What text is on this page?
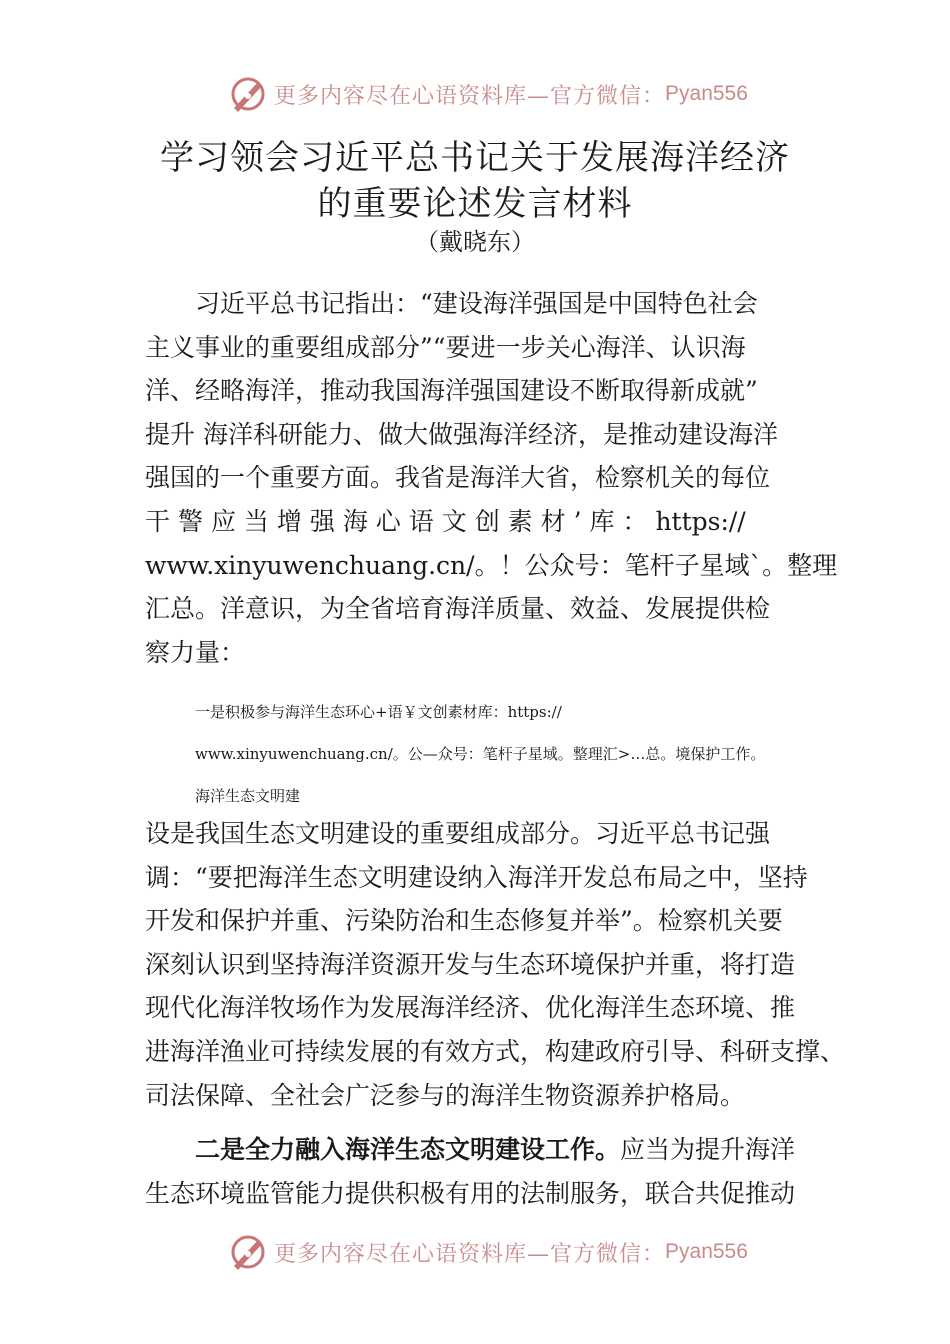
更多内容尽在心语资料库—官方微信： Pyan556
学习领会习近平总书记关于发展海洋经济
的重要论述发言材料
（戴晓东）
习近平总书记指出：“建设海洋强国是中国特色社会
主义事业的重要组成部分”“要进一步关心海洋、认识海
洋、经略海洋，推动我国海洋强国建设不断取得新成就”
提升 海洋科研能力、做大做强海洋经济，是推动建设海洋
强国的一个重要方面。我省是海洋大省，检察机关的每位
干 警 应 当 增 强 海 心 语 文 创 素 材 ’ 库 ： https://
www.xinyuwenchuang.cn/。！公众号：笔杆子星域`。整理
汇总。洋意识，为全省培育海洋质量、效益、发展提供检
察力量：
一是积极参与海洋生态环心+语￥文创素材库：https://
www.xinyuwenchuang.cn/。公—众号：笔杆子星域。整理汇>…总。境保护工作。
海洋生态文明建
设是我国生态文明建设的重要组成部分。习近平总书记强
调：“要把海洋生态文明建设纳入海洋开发总布局之中，坚持
开发和保护并重、污染防治和生态修复并举”。检察机关要
深刻认识到坚持海洋资源开发与生态环境保护并重，将打造
现代化海洋牧场作为发展海洋经济、优化海洋生态环境、推
进海洋渔业可持续发展的有效方式，构建政府引导、科研支撑、
司法保障、全社会广泛参与的海洋生物资源养护格局。
二是全力融入海洋生态文明建设工作。应当为提升海洋
生态环境监管能力提供积极有用的法制服务，联合共促推动
更多内容尽在心语资料库—官方微信： Pyan556
